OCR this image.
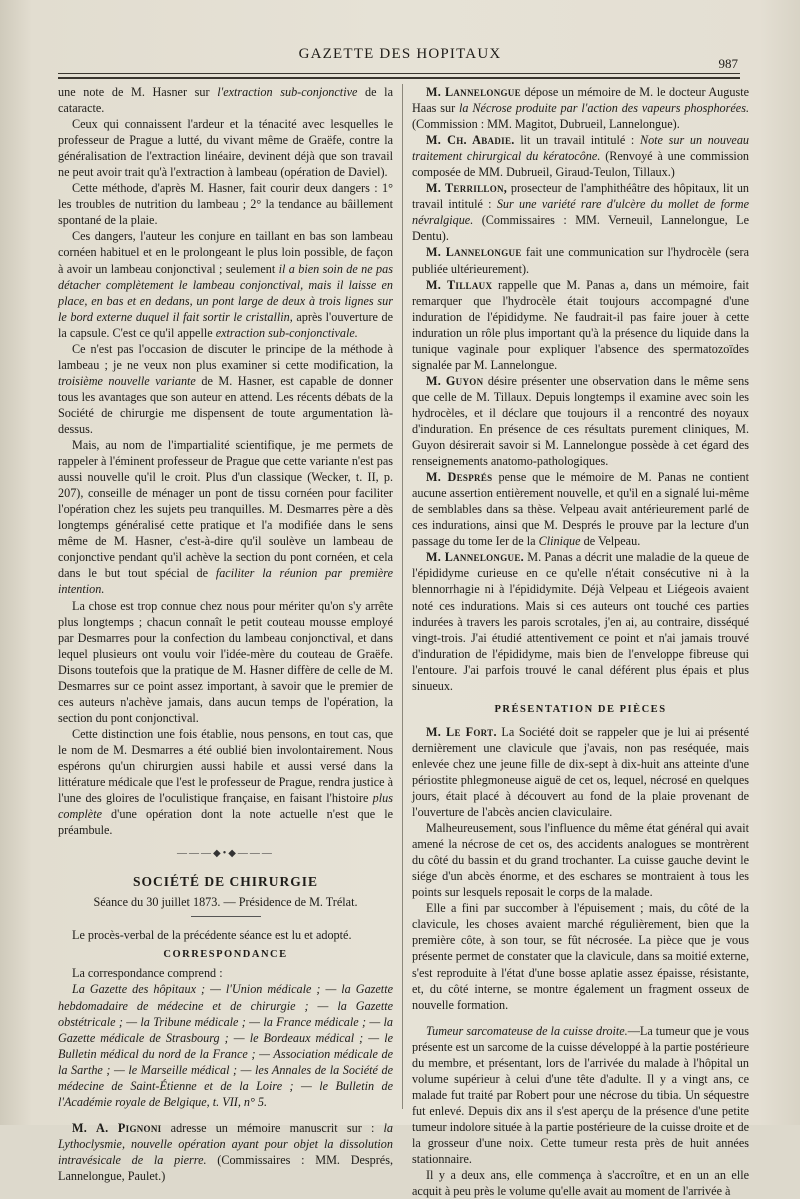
GAZETTE DES HOPITAUX
987

une note de M. Hasner sur l'extraction sub-conjonctive de la cataracte.

Ceux qui connaissent l'ardeur et la ténacité avec lesquelles le professeur de Prague a lutté, du vivant même de Graëfe, contre la généralisation de l'extraction linéaire, devinent déjà que son travail ne peut avoir trait qu'à l'extraction à lambeau (opération de Daviel).

Cette méthode, d'après M. Hasner, fait courir deux dangers : 1° les troubles de nutrition du lambeau ; 2° la tendance au bâillement spontané de la plaie.

Ces dangers, l'auteur les conjure en taillant en bas son lambeau cornéen habituel et en le prolongeant le plus loin possible, de façon à avoir un lambeau conjonctival ; seulement il a bien soin de ne pas détacher complètement le lambeau conjonctival, mais il laisse en place, en bas et en dedans, un pont large de deux à trois lignes sur le bord externe duquel il fait sortir le cristallin, après l'ouverture de la capsule. C'est ce qu'il appelle extraction sub-conjonctivale.

Ce n'est pas l'occasion de discuter le principe de la méthode à lambeau ; je ne veux non plus examiner si cette modification, la troisième nouvelle variante de M. Hasner, est capable de donner tous les avantages que son auteur en attend. Les récents débats de la Société de chirurgie me dispensent de toute argumentation là-dessus.

Mais, au nom de l'impartialité scientifique, je me permets de rappeler à l'éminent professeur de Prague que cette variante n'est pas aussi nouvelle qu'il le croit. Plus d'un classique (Wecker, t. II, p. 207), conseille de ménager un pont de tissu cornéen pour faciliter l'opération chez les sujets peu tranquilles. M. Desmarres père a dès longtemps généralisé cette pratique et l'a modifiée dans le sens même de M. Hasner, c'est-à-dire qu'il soulève un lambeau de conjonctive pendant qu'il achève la section du pont cornéen, et cela dans le but tout spécial de faciliter la réunion par première intention.

La chose est trop connue chez nous pour mériter qu'on s'y arrête plus longtemps ; chacun connaît le petit couteau mousse employé par Desmarres pour la confection du lambeau conjonctival, et dans lequel plusieurs ont voulu voir l'idée-mère du couteau de Graëfe. Disons toutefois que la pratique de M. Hasner diffère de celle de M. Desmarres sur ce point assez important, à savoir que le premier de ces auteurs n'achève jamais, dans aucun temps de l'opération, la section du pont conjonctival.

Cette distinction une fois établie, nous pensons, en tout cas, que le nom de M. Desmarres a été oublié bien involontairement. Nous espérons qu'un chirurgien aussi habile et aussi versé dans la littérature médicale que l'est le professeur de Prague, rendra justice à l'une des gloires de l'oculistique française, en faisant l'histoire plus complète d'une opération dont la note actuelle n'est que le préambule.

———◆•◆———
SOCIÉTÉ DE CHIRURGIE
Séance du 30 juillet 1873. — Présidence de M. Trélat.

Le procès-verbal de la précédente séance est lu et adopté.

CORRESPONDANCE

La correspondance comprend :

La Gazette des hôpitaux ; — l'Union médicale ; — la Gazette hebdomadaire de médecine et de chirurgie ; — la Gazette obstétricale ; — la Tribune médicale ; — la France médicale ; — la Gazette médicale de Strasbourg ; — le Bordeaux médical ; — le Bulletin médical du nord de la France ; — Association médicale de la Sarthe ; — le Marseille médical ; — les Annales de la Société de médecine de Saint-Étienne et de la Loire ; — le Bulletin de l'Académie royale de Belgique, t. VII, n° 5.

M. A. Pignoni adresse un mémoire manuscrit sur : la Lythoclysmie, nouvelle opération ayant pour objet la dissolution intravésicale de la pierre. (Commissaires : MM. Després, Lannelongue, Paulet.)

M. Lannelongue dépose un mémoire de M. le docteur Auguste Haas sur la Nécrose produite par l'action des vapeurs phosphorées. (Commission : MM. Magitot, Dubrueil, Lannelongue).

M. Ch. Abadie. lit un travail intitulé : Note sur un nouveau traitement chirurgical du kératocône. (Renvoyé à une commission composée de MM. Dubrueil, Giraud-Teulon, Tillaux.)

M. Terrillon, prosecteur de l'amphithéâtre des hôpitaux, lit un travail intitulé : Sur une variété rare d'ulcère du mollet de forme névralgique. (Commissaires : MM. Verneuil, Lannelongue, Le Dentu).

M. Lannelongue fait une communication sur l'hydrocèle (sera publiée ultérieurement).

M. Tillaux rappelle que M. Panas a, dans un mémoire, fait remarquer que l'hydrocèle était toujours accompagné d'une induration de l'épididyme. Ne faudrait-il pas faire jouer à cette induration un rôle plus important qu'à la présence du liquide dans la tunique vaginale pour expliquer l'absence des spermatozoïdes signalée par M. Lannelongue.

M. Guyon désire présenter une observation dans le même sens que celle de M. Tillaux. Depuis longtemps il examine avec soin les hydrocèles, et il déclare que toujours il a rencontré des noyaux d'induration. En présence de ces résultats purement cliniques, M. Guyon désirerait savoir si M. Lannelongue possède à cet égard des renseignements anatomo-pathologiques.

M. Després pense que le mémoire de M. Panas ne contient aucune assertion entièrement nouvelle, et qu'il en a signalé lui-même de semblables dans sa thèse. Velpeau avait antérieurement parlé de ces indurations, ainsi que M. Després le prouve par la lecture d'un passage du tome Ier de la Clinique de Velpeau.

M. Lannelongue. M. Panas a décrit une maladie de la queue de l'épididyme curieuse en ce qu'elle n'était consécutive ni à la blennorrhagie ni à l'épididymite. Déjà Velpeau et Liégeois avaient noté ces indurations. Mais si ces auteurs ont touché ces parties indurées à travers les parois scrotales, j'en ai, au contraire, disséqué vingt-trois. J'ai étudié attentivement ce point et n'ai jamais trouvé d'induration de l'épididyme, mais bien de l'enveloppe fibreuse qui l'entoure. J'ai parfois trouvé le canal déférent plus épais et plus sinueux.

PRÉSENTATION DE PIÈCES

M. Le Fort. La Société doit se rappeler que je lui ai présenté dernièrement une clavicule que j'avais, non pas reséquée, mais enlevée chez une jeune fille de dix-sept à dix-huit ans atteinte d'une périostite phlegmoneuse aiguë de cet os, lequel, nécrosé en quelques jours, était placé à découvert au fond de la plaie provenant de l'ouverture de l'abcès ancien claviculaire.

Malheureusement, sous l'influence du même état général qui avait amené la nécrose de cet os, des accidents analogues se montrèrent du côté du bassin et du grand trochanter. La cuisse gauche devint le siége d'un abcès énorme, et des eschares se montraient à tous les points sur lesquels reposait le corps de la malade.

Elle a fini par succomber à l'épuisement ; mais, du côté de la clavicule, les choses avaient marché régulièrement, bien que la première côte, à son tour, se fût nécrosée. La pièce que je vous présente permet de constater que la clavicule, dans sa moitié externe, s'est reproduite à l'état d'une bosse aplatie assez épaisse, résistante, et, du côté interne, se montre également un fragment osseux de nouvelle formation.

Tumeur sarcomateuse de la cuisse droite.—La tumeur que je vous présente est un sarcome de la cuisse développé à la partie postérieure du membre, et présentant, lors de l'arrivée du malade à l'hôpital un volume supérieur à celui d'une tête d'adulte. Il y a vingt ans, ce malade fut traité par Robert pour une nécrose du tibia. Un séquestre fut enlevé. Depuis dix ans il s'est aperçu de la présence d'une petite tumeur indolore située à la partie postérieure de la cuisse droite et de la grosseur d'une noix. Cette tumeur resta près de huit années stationnaire.

Il y a deux ans, elle commença à s'accroître, et en un an elle acquit à peu près le volume qu'elle avait au moment de l'arrivée à
